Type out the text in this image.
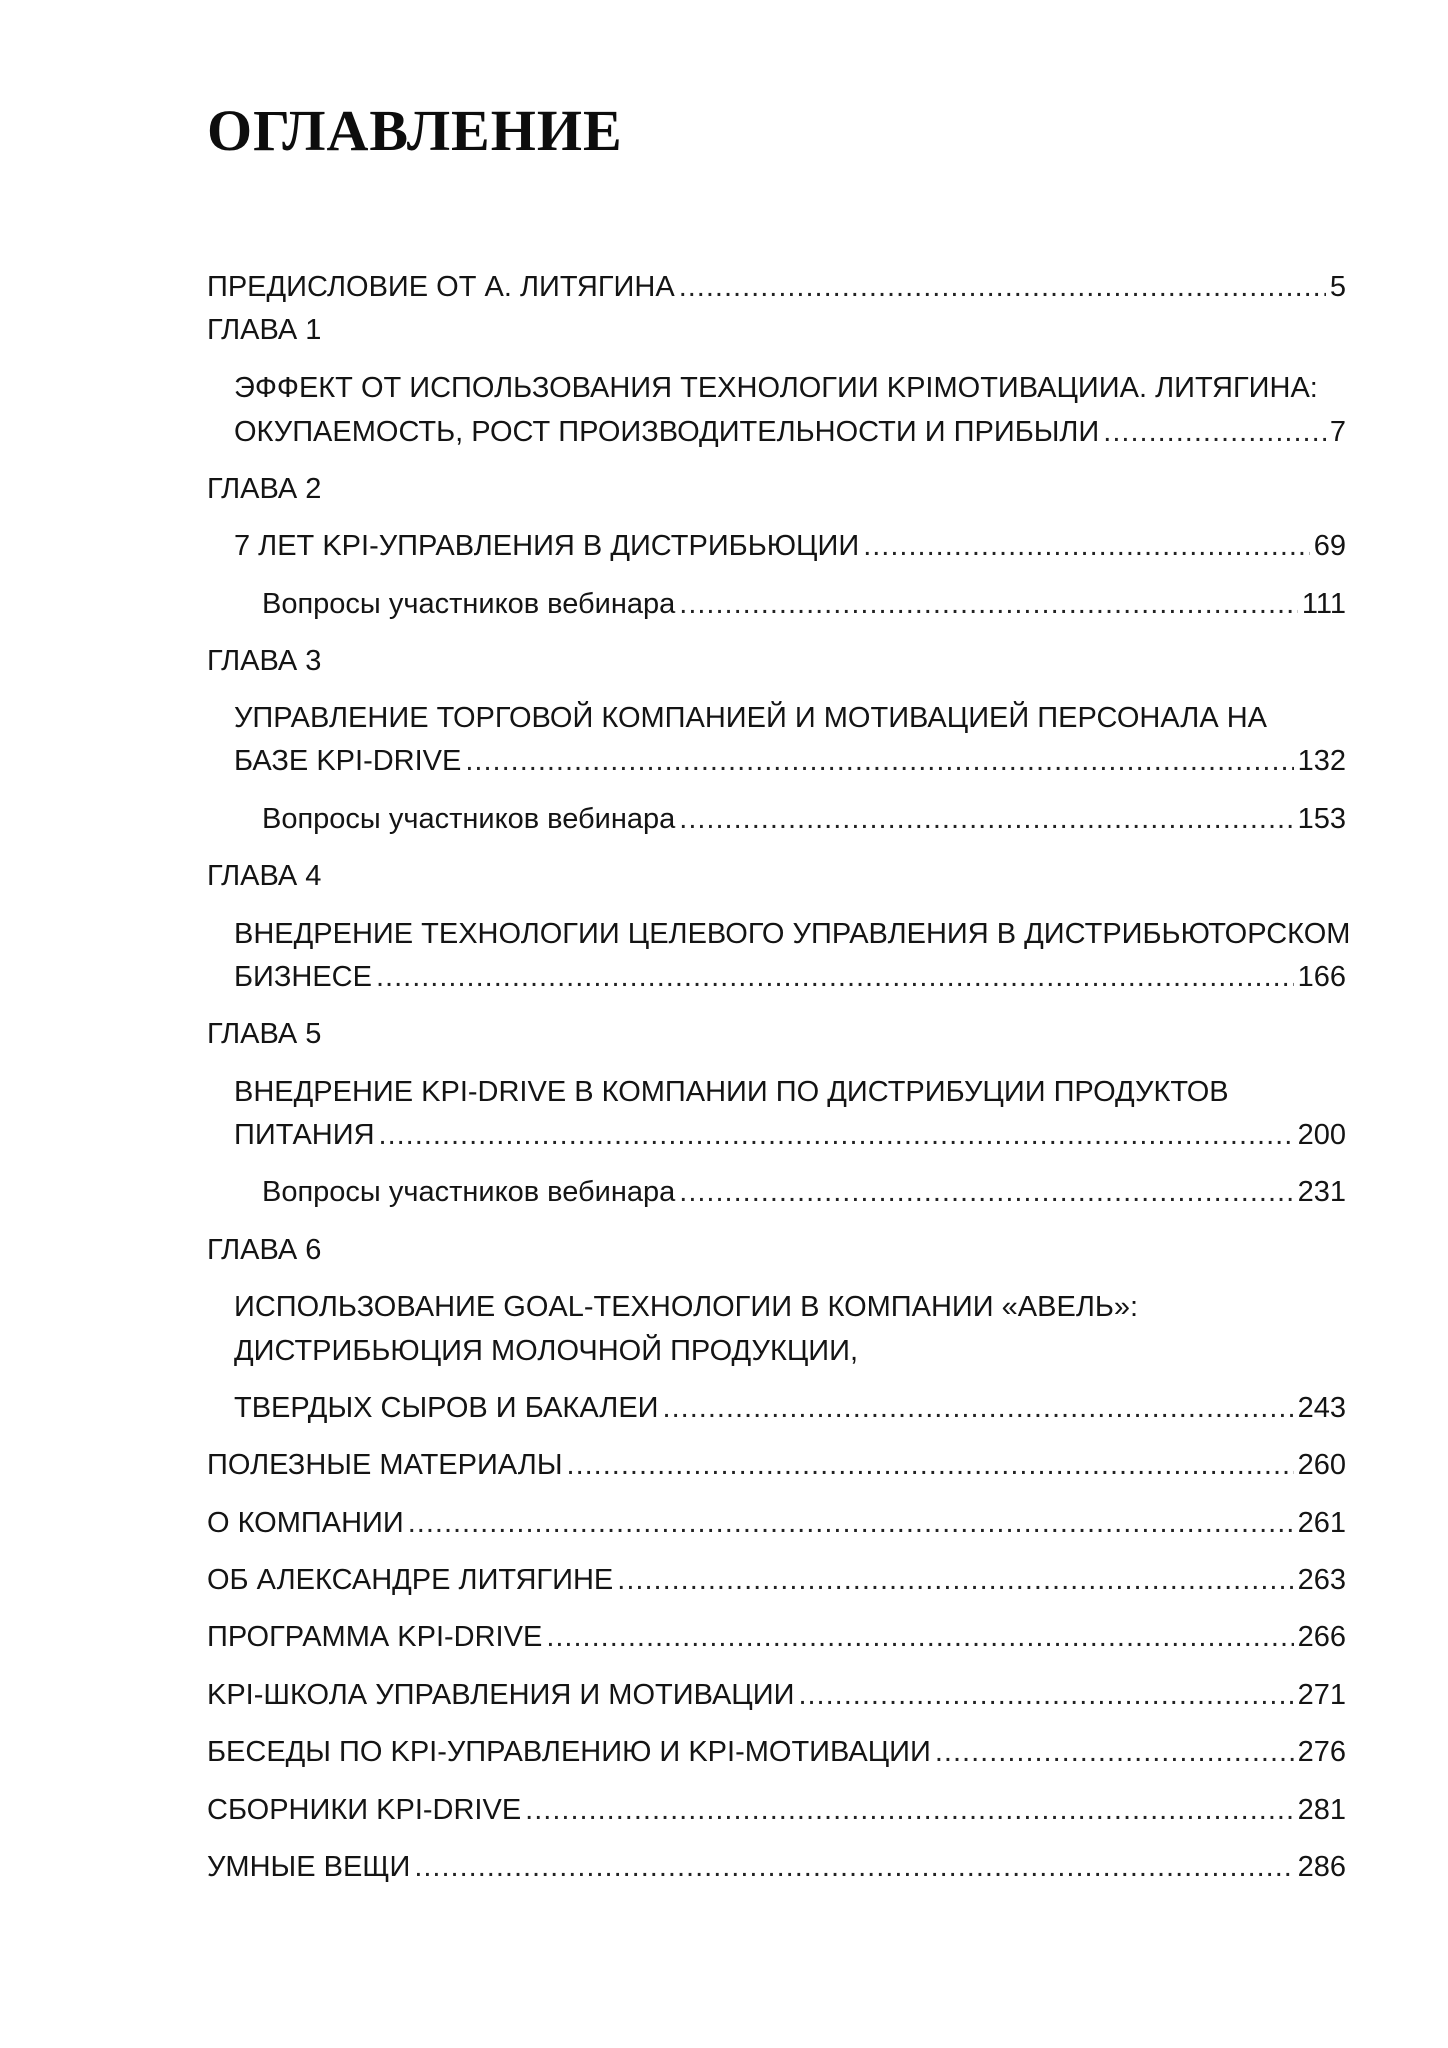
ОГЛАВЛЕНИЕ
ПРЕДИСЛОВИЕ ОТ А. ЛИТЯГИНА .....	5
ГЛАВА 1
ЭФФЕКТ ОТ ИСПОЛЬЗОВАНИЯ ТЕХНОЛОГИИ KPIМОТИВАЦИИА. ЛИТЯГИНА:
ОКУПАЕМОСТЬ, РОСТ ПРОИЗВОДИТЕЛЬНОСТИ И ПРИБЫЛИ .....	7
ГЛАВА 2
7 ЛЕТ KPI-УПРАВЛЕНИЯ В ДИСТРИБЬЮЦИИ .....	69
Вопросы участников вебинара .....	111
ГЛАВА 3
УПРАВЛЕНИЕ ТОРГОВОЙ КОМПАНИЕЙ И МОТИВАЦИЕЙ ПЕРСОНАЛА НА
БАЗЕ KPI-DRIVE .....	132
Вопросы участников вебинара .....	153
ГЛАВА 4
ВНЕДРЕНИЕ ТЕХНОЛОГИИ ЦЕЛЕВОГО УПРАВЛЕНИЯ В ДИСТРИБЬЮТОРСКОМ
БИЗНЕСЕ .....	166
ГЛАВА 5
ВНЕДРЕНИЕ KPI-DRIVE В КОМПАНИИ ПО ДИСТРИБУЦИИ ПРОДУКТОВ
ПИТАНИЯ .....	200
Вопросы участников вебинара .....	231
ГЛАВА 6
ИСПОЛЬЗОВАНИЕ GOAL-ТЕХНОЛОГИИ В КОМПАНИИ «АВЕЛЬ»:
ДИСТРИБЬЮЦИЯ МОЛОЧНОЙ ПРОДУКЦИИ,
ТВЕРДЫХ СЫРОВ И БАКАЛЕИ .....	243
ПОЛЕЗНЫЕ МАТЕРИАЛЫ .....	260
О КОМПАНИИ .....	261
ОБ АЛЕКСАНДРЕ ЛИТЯГИНЕ .....	263
ПРОГРАММА KPI-DRIVE .....	266
KPI-ШКОЛА УПРАВЛЕНИЯ И МОТИВАЦИИ .....	271
БЕСЕДЫ ПО KPI-УПРАВЛЕНИЮ И KPI-МОТИВАЦИИ .....	276
СБОРНИКИ KPI-DRIVE .....	281
УМНЫЕ ВЕЩИ .....	286
